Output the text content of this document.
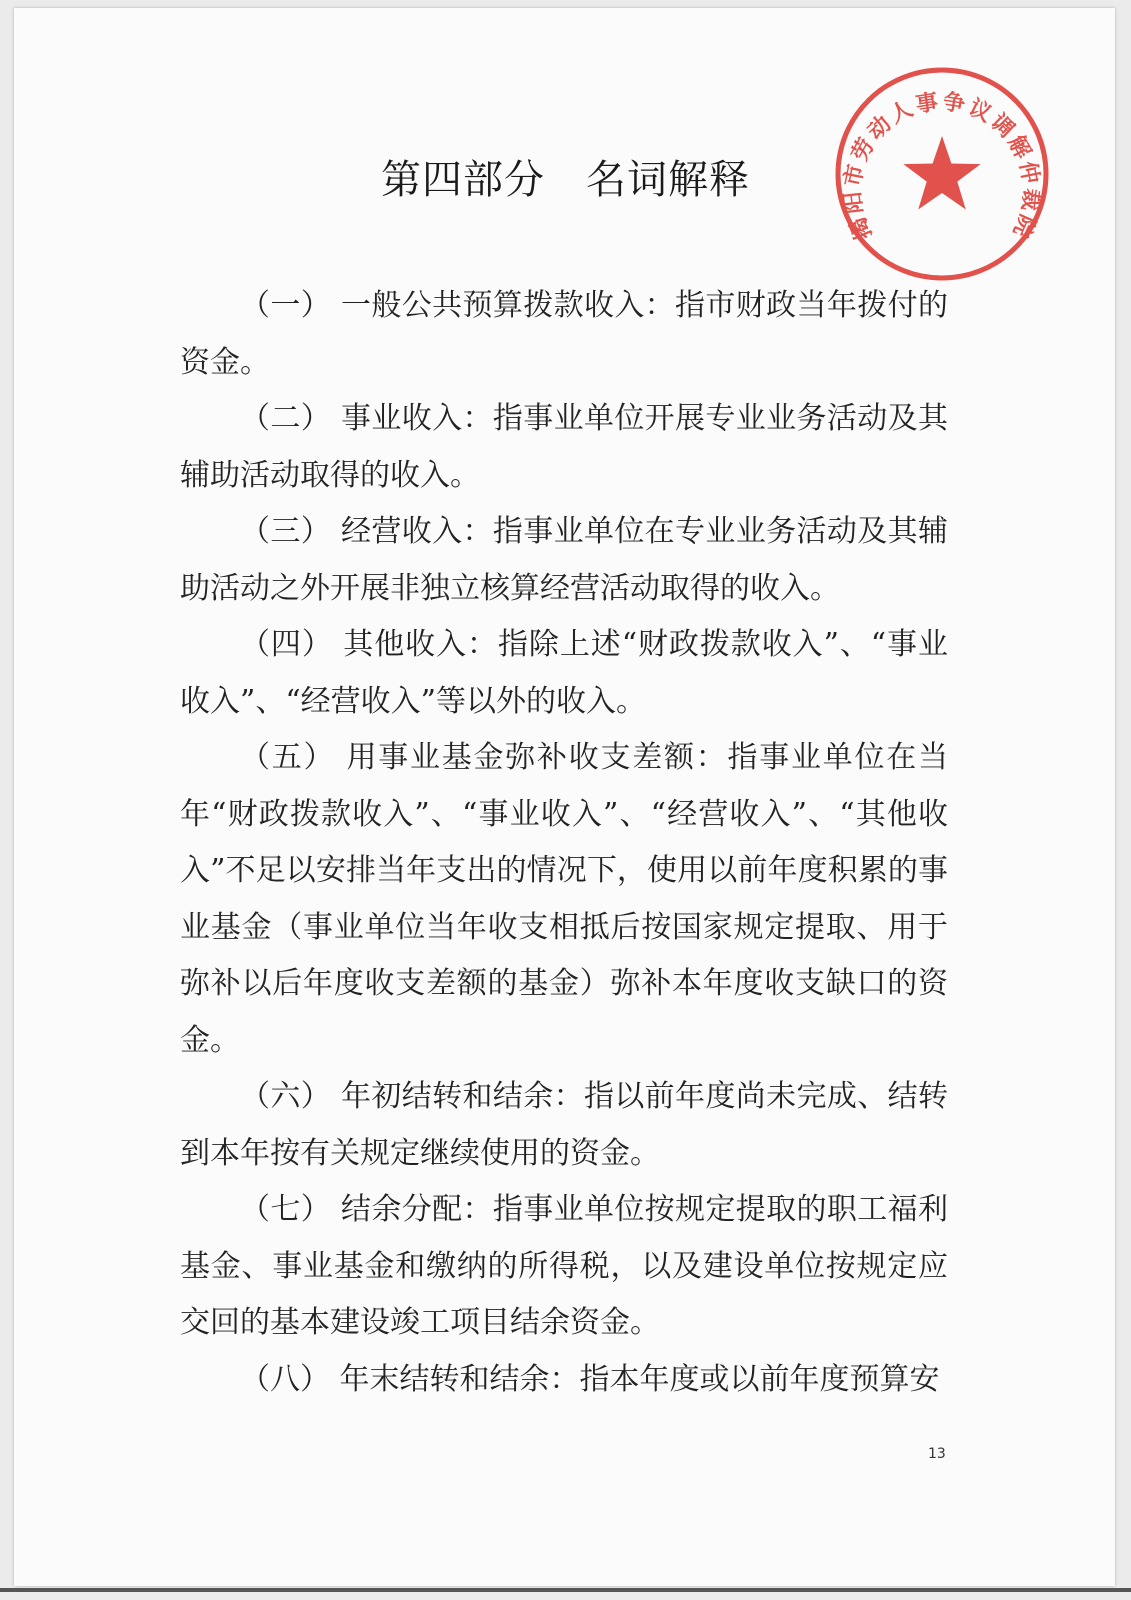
第四部分　名词解释

（一） 一般公共预算拨款收入：指市财政当年拨付的资金。

（二） 事业收入：指事业单位开展专业业务活动及其辅助活动取得的收入。

（三） 经营收入：指事业单位在专业业务活动及其辅助活动之外开展非独立核算经营活动取得的收入。

（四） 其他收入：指除上述“财政拨款收入”、“事业收入”、“经营收入”等以外的收入。

（五） 用事业基金弥补收支差额：指事业单位在当年“财政拨款收入”、“事业收入”、“经营收入”、“其他收入”不足以安排当年支出的情况下，使用以前年度积累的事业基金（事业单位当年收支相抵后按国家规定提取、用于弥补以后年度收支差额的基金）弥补本年度收支缺口的资金。

（六） 年初结转和结余：指以前年度尚未完成、结转到本年按有关规定继续使用的资金。

（七） 结余分配：指事业单位按规定提取的职工福利基金、事业基金和缴纳的所得税，以及建设单位按规定应交回的基本建设竣工项目结余资金。

（八） 年末结转和结余：指本年度或以前年度预算安

13
揭阳市劳动人事争议调解仲裁院
